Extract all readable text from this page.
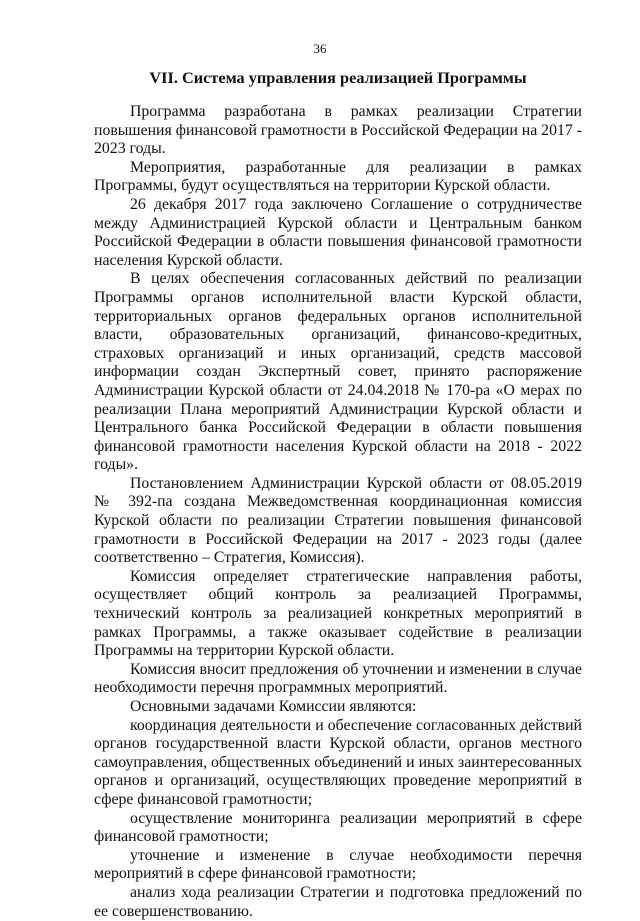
36
VII. Система управления реализацией Программы

Программа разработана в рамках реализации Стратегии повышения финансовой грамотности в Российской Федерации на 2017 - 2023 годы.

Мероприятия, разработанные для реализации в рамках Программы, будут осуществляться на территории Курской области.

26 декабря 2017 года заключено Соглашение о сотрудничестве между Администрацией Курской области и Центральным банком Российской Федерации в области повышения финансовой грамотности населения Курской области.

В целях обеспечения согласованных действий по реализации Программы органов исполнительной власти Курской области, территориальных органов федеральных органов исполнительной власти, образовательных организаций, финансово-кредитных, страховых организаций и иных организаций, средств массовой информации создан Экспертный совет, принято распоряжение Администрации Курской области от 24.04.2018 № 170-ра «О мерах по реализации Плана мероприятий Администрации Курской области и Центрального банка Российской Федерации в области повышения финансовой грамотности населения Курской области на 2018 - 2022 годы».

Постановлением Администрации Курской области от 08.05.2019 № 392-па создана Межведомственная координационная комиссия Курской области по реализации Стратегии повышения финансовой грамотности в Российской Федерации на 2017 - 2023 годы (далее соответственно – Стратегия, Комиссия).

Комиссия определяет стратегические направления работы, осуществляет общий контроль за реализацией Программы, технический контроль за реализацией конкретных мероприятий в рамках Программы, а также оказывает содействие в реализации Программы на территории Курской области.

Комиссия вносит предложения об уточнении и изменении в случае необходимости перечня программных мероприятий.

Основными задачами Комиссии являются:

координация деятельности и обеспечение согласованных действий органов государственной власти Курской области, органов местного самоуправления, общественных объединений и иных заинтересованных органов и организаций, осуществляющих проведение мероприятий в сфере финансовой грамотности;

осуществление мониторинга реализации мероприятий в сфере финансовой грамотности;

уточнение и изменение в случае необходимости перечня мероприятий в сфере финансовой грамотности;

анализ хода реализации Стратегии и подготовка предложений по ее совершенствованию.
